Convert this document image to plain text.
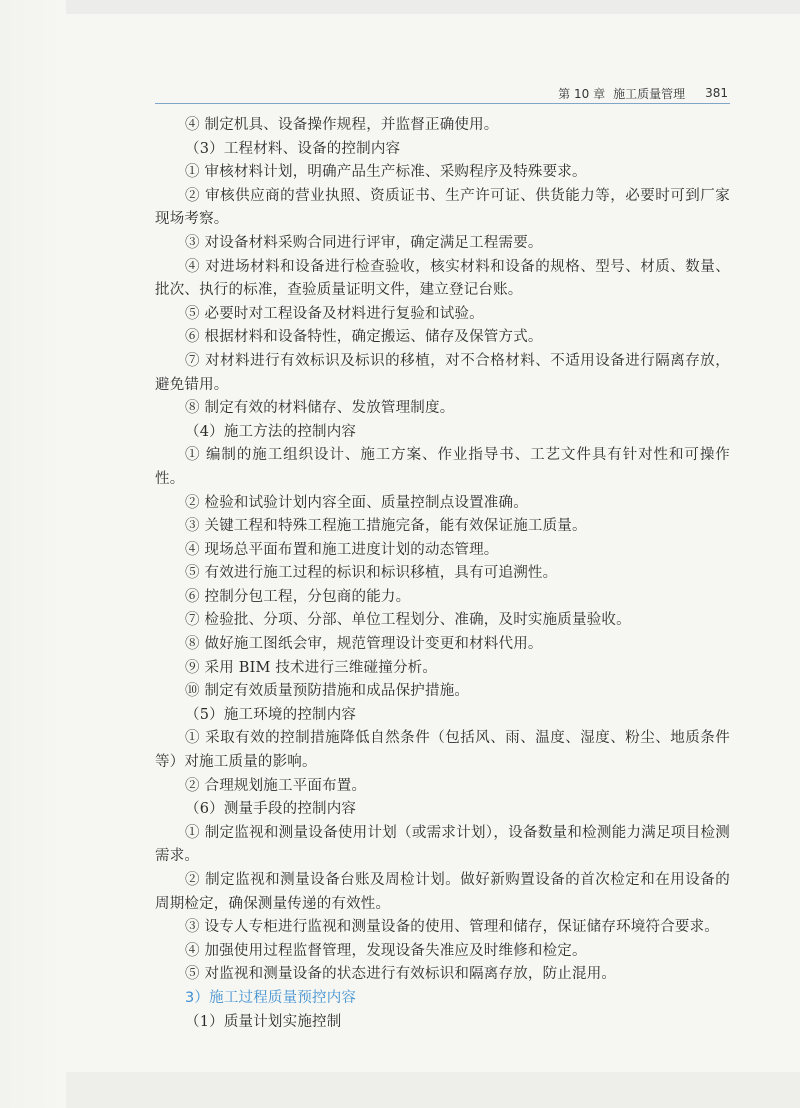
第 10 章 施工质量管理 381

④ 制定机具、设备操作规程，并监督正确使用。

（3）工程材料、设备的控制内容

① 审核材料计划，明确产品生产标准、采购程序及特殊要求。

② 审核供应商的营业执照、资质证书、生产许可证、供货能力等，必要时可到厂家现场考察。

③ 对设备材料采购合同进行评审，确定满足工程需要。

④ 对进场材料和设备进行检查验收，核实材料和设备的规格、型号、材质、数量、批次、执行的标准，查验质量证明文件，建立登记台账。

⑤ 必要时对工程设备及材料进行复验和试验。

⑥ 根据材料和设备特性，确定搬运、储存及保管方式。

⑦ 对材料进行有效标识及标识的移植，对不合格材料、不适用设备进行隔离存放，避免错用。

⑧ 制定有效的材料储存、发放管理制度。

（4）施工方法的控制内容

① 编制的施工组织设计、施工方案、作业指导书、工艺文件具有针对性和可操作性。

② 检验和试验计划内容全面、质量控制点设置准确。

③ 关键工程和特殊工程施工措施完备，能有效保证施工质量。

④ 现场总平面布置和施工进度计划的动态管理。

⑤ 有效进行施工过程的标识和标识移植，具有可追溯性。

⑥ 控制分包工程，分包商的能力。

⑦ 检验批、分项、分部、单位工程划分、准确，及时实施质量验收。

⑧ 做好施工图纸会审，规范管理设计变更和材料代用。

⑨ 采用 BIM 技术进行三维碰撞分析。

⑩ 制定有效质量预防措施和成品保护措施。

（5）施工环境的控制内容

① 采取有效的控制措施降低自然条件（包括风、雨、温度、湿度、粉尘、地质条件等）对施工质量的影响。

② 合理规划施工平面布置。

（6）测量手段的控制内容

① 制定监视和测量设备使用计划（或需求计划），设备数量和检测能力满足项目检测需求。

② 制定监视和测量设备台账及周检计划。做好新购置设备的首次检定和在用设备的周期检定，确保测量传递的有效性。

③ 设专人专柜进行监视和测量设备的使用、管理和储存，保证储存环境符合要求。

④ 加强使用过程监督管理，发现设备失准应及时维修和检定。

⑤ 对监视和测量设备的状态进行有效标识和隔离存放，防止混用。

3）施工过程质量预控内容

（1）质量计划实施控制
